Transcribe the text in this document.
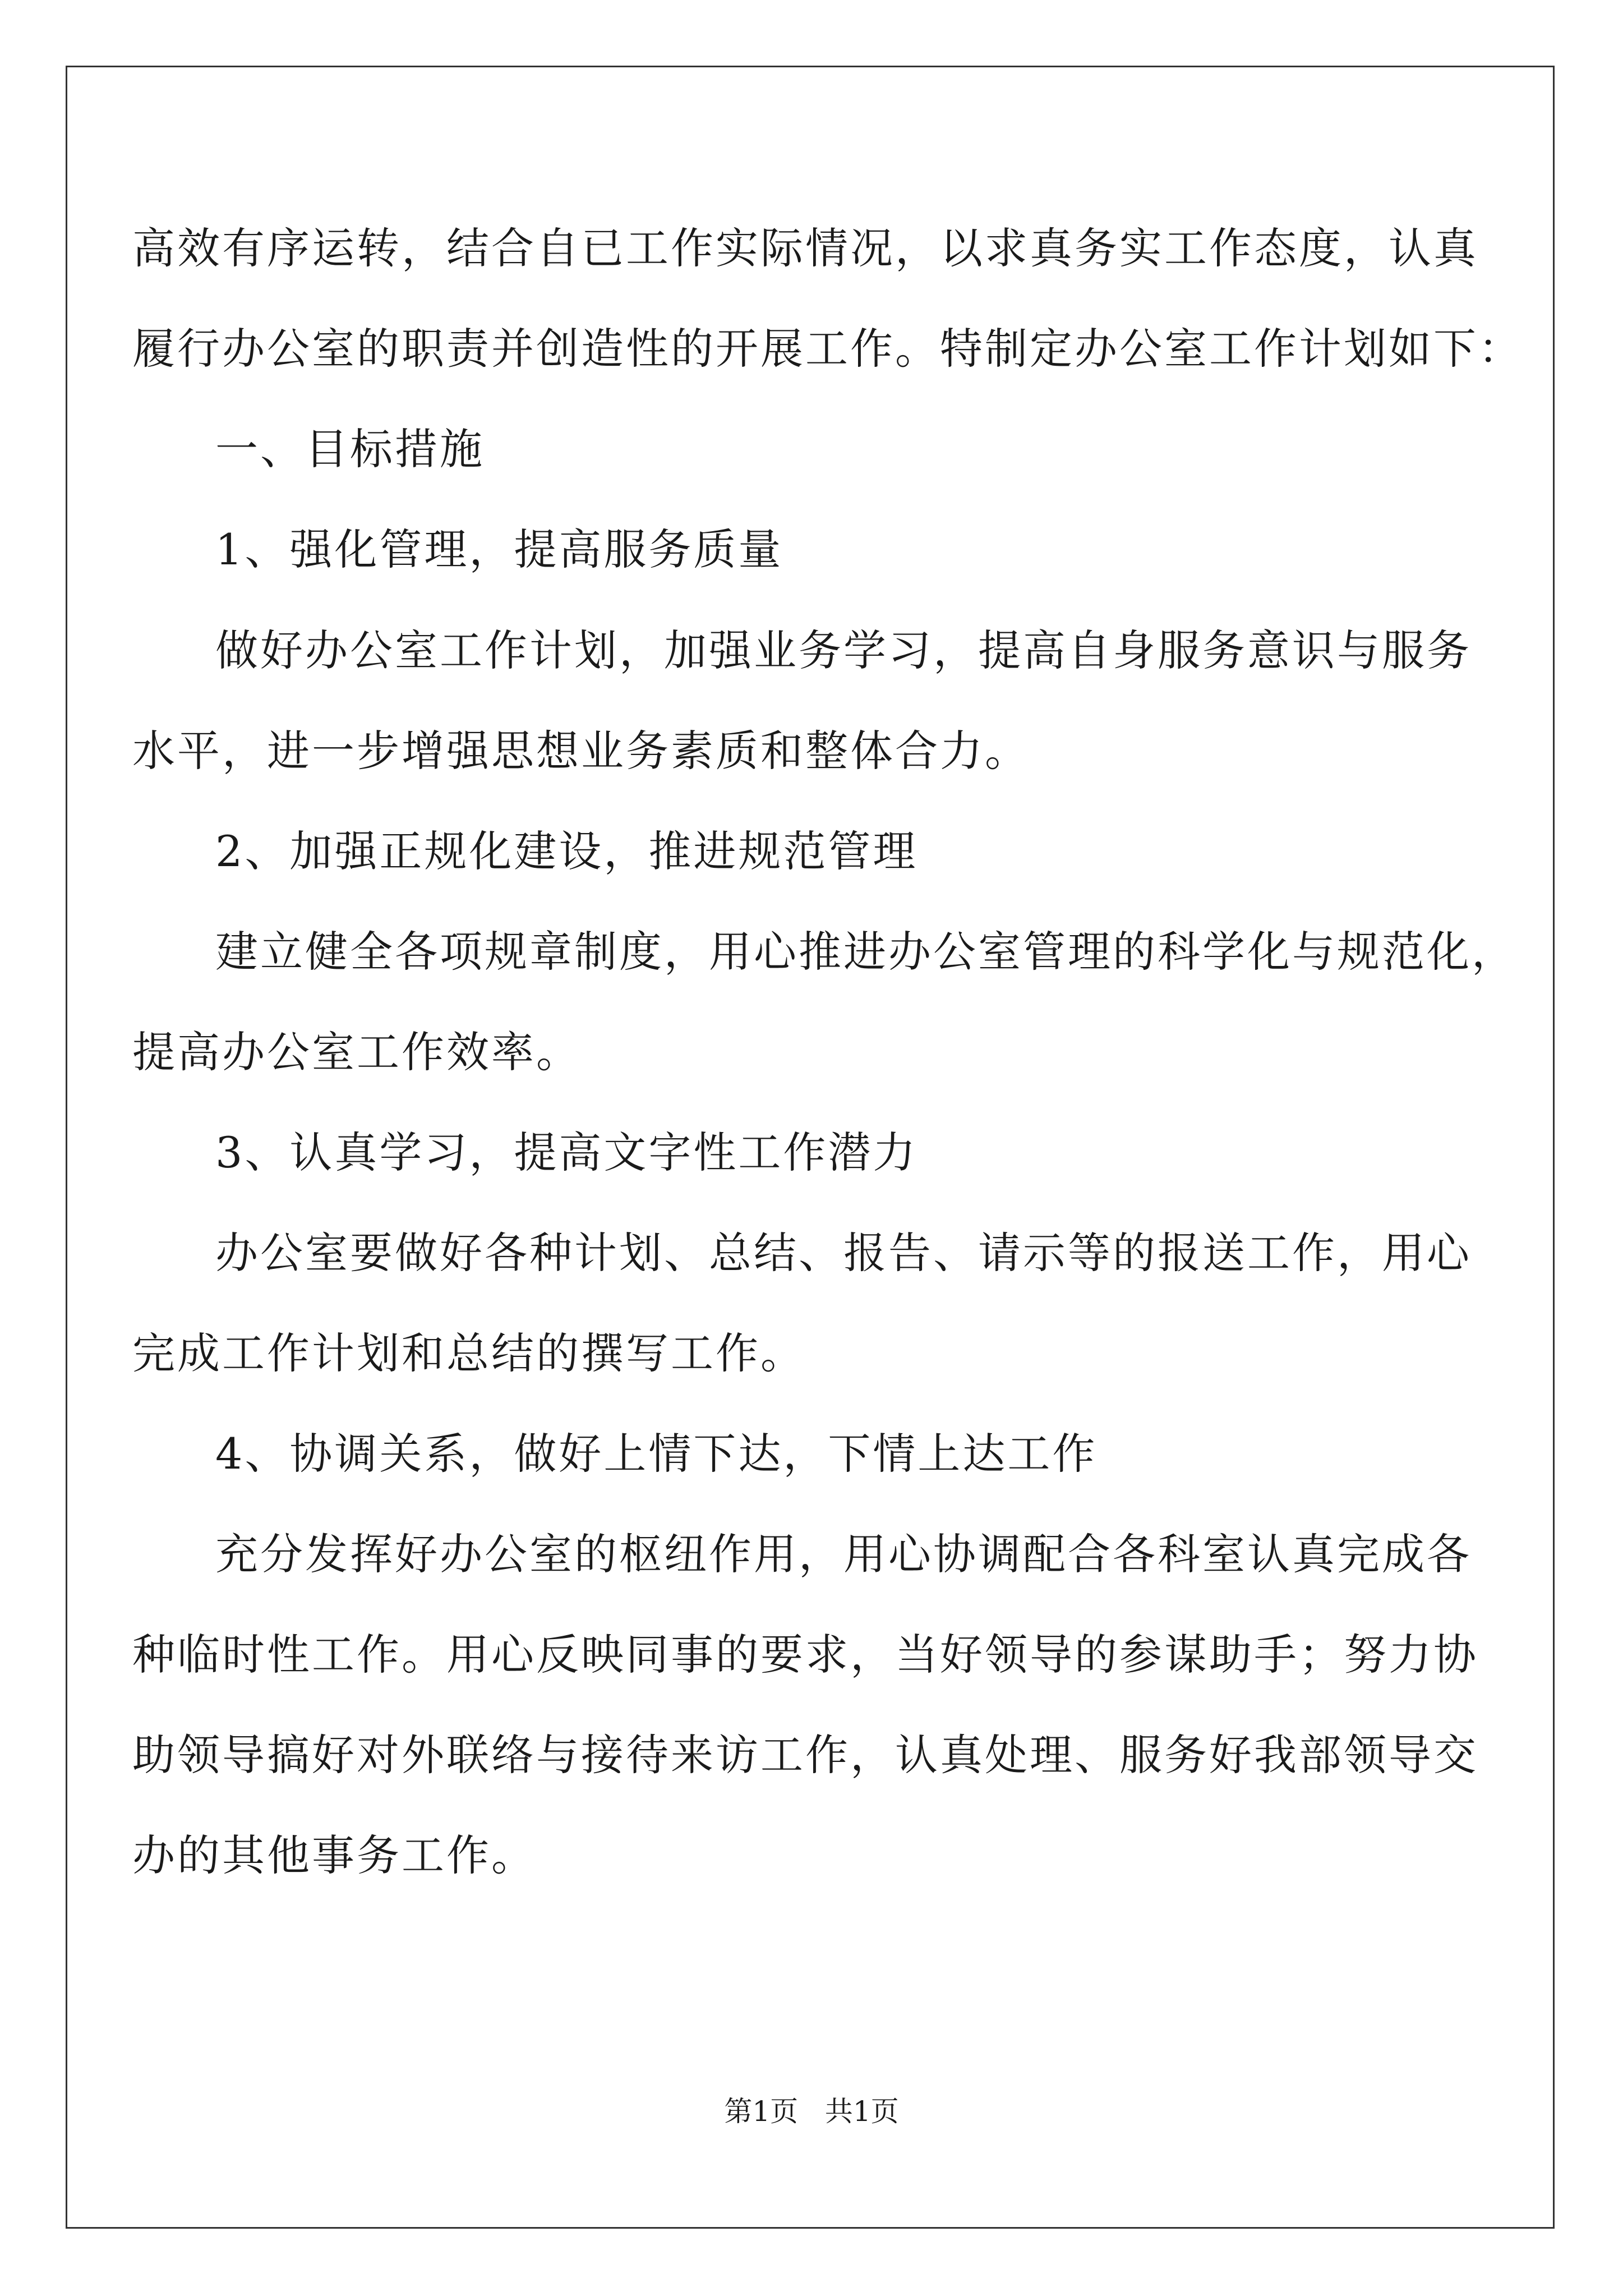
高效有序运转，结合自已工作实际情况，以求真务实工作态度，认真
履行办公室的职责并创造性的开展工作。特制定办公室工作计划如下：
一、目标措施
1、强化管理，提高服务质量
做好办公室工作计划，加强业务学习，提高自身服务意识与服务
水平，进一步增强思想业务素质和整体合力。
2、加强正规化建设，推进规范管理
建立健全各项规章制度，用心推进办公室管理的科学化与规范化，
提高办公室工作效率。
3、认真学习，提高文字性工作潜力
办公室要做好各种计划、总结、报告、请示等的报送工作，用心
完成工作计划和总结的撰写工作。
4、协调关系，做好上情下达，下情上达工作
充分发挥好办公室的枢纽作用，用心协调配合各科室认真完成各
种临时性工作。用心反映同事的要求，当好领导的参谋助手；努力协
助领导搞好对外联络与接待来访工作，认真处理、服务好我部领导交
办的其他事务工作。
第1页   共1页
